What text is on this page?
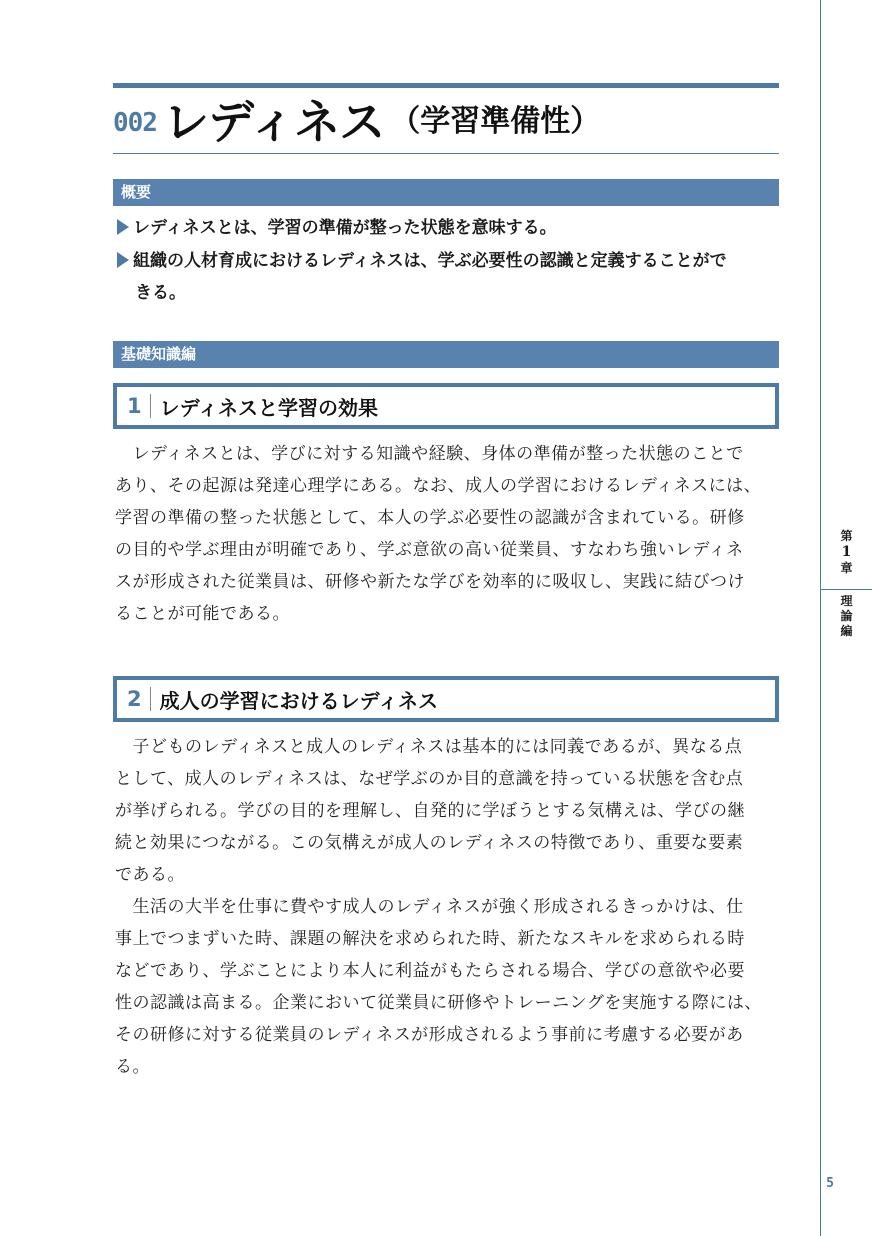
第
1
章
理
論
編
5
002 レディネス （学習準備性）
概要
レディネスとは、学習の準備が整った状態を意味する。
組織の人材育成におけるレディネスは、学ぶ必要性の認識と定義することがで
きる。
基礎知識編
1 レディネスと学習の効果
　レディネスとは、学びに対する知識や経験、身体の準備が整った状態のことで
あり、その起源は発達心理学にある。なお、成人の学習におけるレディネスには、
学習の準備の整った状態として、本人の学ぶ必要性の認識が含まれている。研修
の目的や学ぶ理由が明確であり、学ぶ意欲の高い従業員、すなわち強いレディネ
スが形成された従業員は、研修や新たな学びを効率的に吸収し、実践に結びつけ
ることが可能である。
2 成人の学習におけるレディネス
　子どものレディネスと成人のレディネスは基本的には同義であるが、異なる点
として、成人のレディネスは、なぜ学ぶのか目的意識を持っている状態を含む点
が挙げられる。学びの目的を理解し、自発的に学ぼうとする気構えは、学びの継
続と効果につながる。この気構えが成人のレディネスの特徴であり、重要な要素
である。
　生活の大半を仕事に費やす成人のレディネスが強く形成されるきっかけは、仕
事上でつまずいた時、課題の解決を求められた時、新たなスキルを求められる時
などであり、学ぶことにより本人に利益がもたらされる場合、学びの意欲や必要
性の認識は高まる。企業において従業員に研修やトレーニングを実施する際には、
その研修に対する従業員のレディネスが形成されるよう事前に考慮する必要があ
る。
